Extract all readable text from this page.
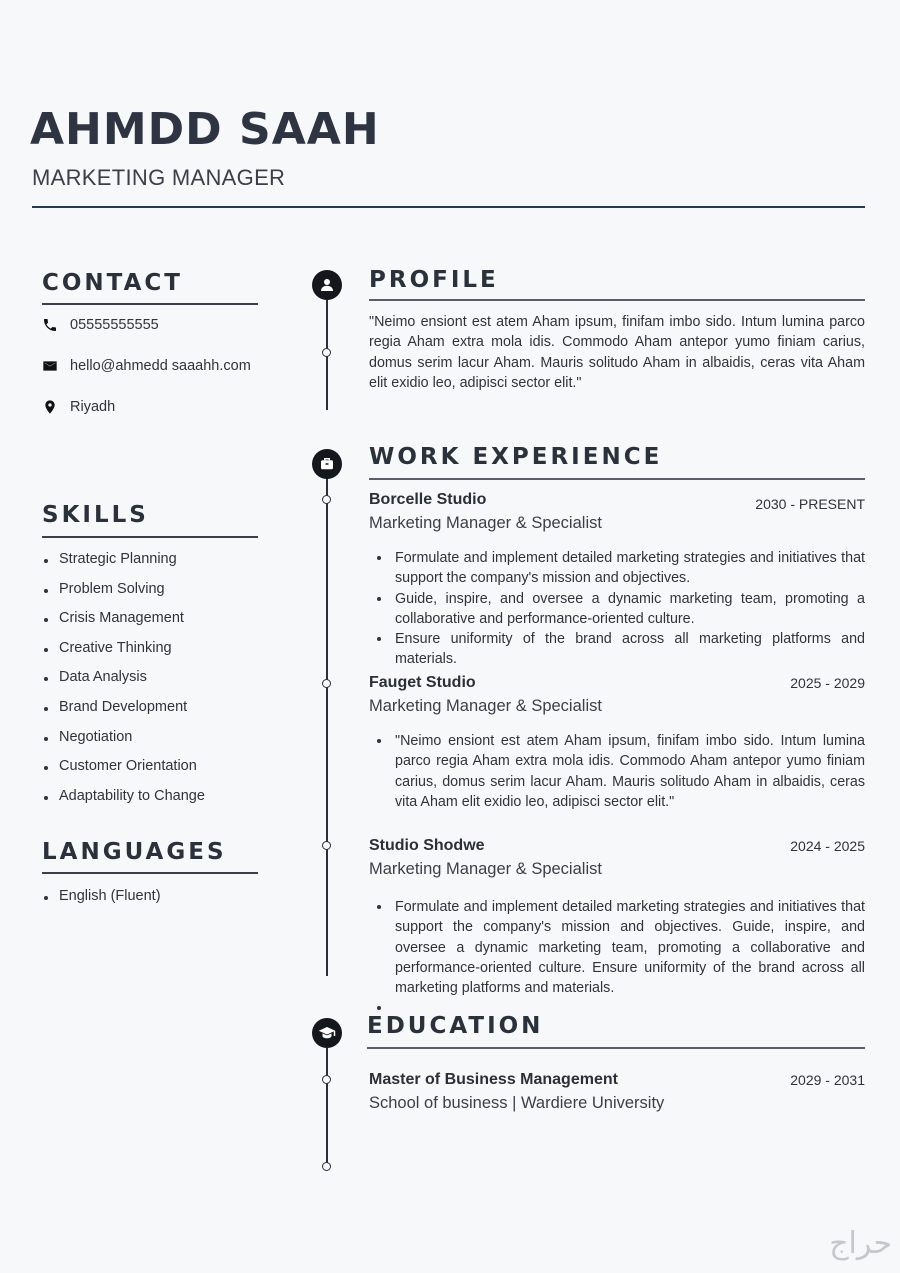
AHMDD SAAH
MARKETING MANAGER
CONTACT
05555555555
hello@ahmedd saaahh.com
Riyadh
SKILLS
Strategic Planning
Problem Solving
Crisis Management
Creative Thinking
Data Analysis
Brand Development
Negotiation
Customer Orientation
Adaptability to Change
LANGUAGES
English (Fluent)
PROFILE
"Neimo ensiont est atem Aham ipsum, finifam imbo sido. Intum lumina parco regia Aham extra mola idis. Commodo Aham antepor yumo finiam carius, domus serim lacur Aham. Mauris solitudo Aham in albaidis, ceras vita Aham elit exidio leo, adipisci sector elit."
WORK EXPERIENCE
Borcelle Studio	2030 - PRESENT
Marketing Manager & Specialist
Formulate and implement detailed marketing strategies and initiatives that support the company's mission and objectives.
Guide, inspire, and oversee a dynamic marketing team, promoting a collaborative and performance-oriented culture.
Ensure uniformity of the brand across all marketing platforms and materials.
Fauget Studio	2025 - 2029
Marketing Manager & Specialist
"Neimo ensiont est atem Aham ipsum, finifam imbo sido. Intum lumina parco regia Aham extra mola idis. Commodo Aham antepor yumo finiam carius, domus serim lacur Aham. Mauris solitudo Aham in albaidis, ceras vita Aham elit exidio leo, adipisci sector elit."
Studio Shodwe	2024 - 2025
Marketing Manager & Specialist
Formulate and implement detailed marketing strategies and initiatives that support the company's mission and objectives. Guide, inspire, and oversee a dynamic marketing team, promoting a collaborative and performance-oriented culture. Ensure uniformity of the brand across all marketing platforms and materials.
EDUCATION
Master of Business Management	2029 - 2031
School of business | Wardiere University
حراج
